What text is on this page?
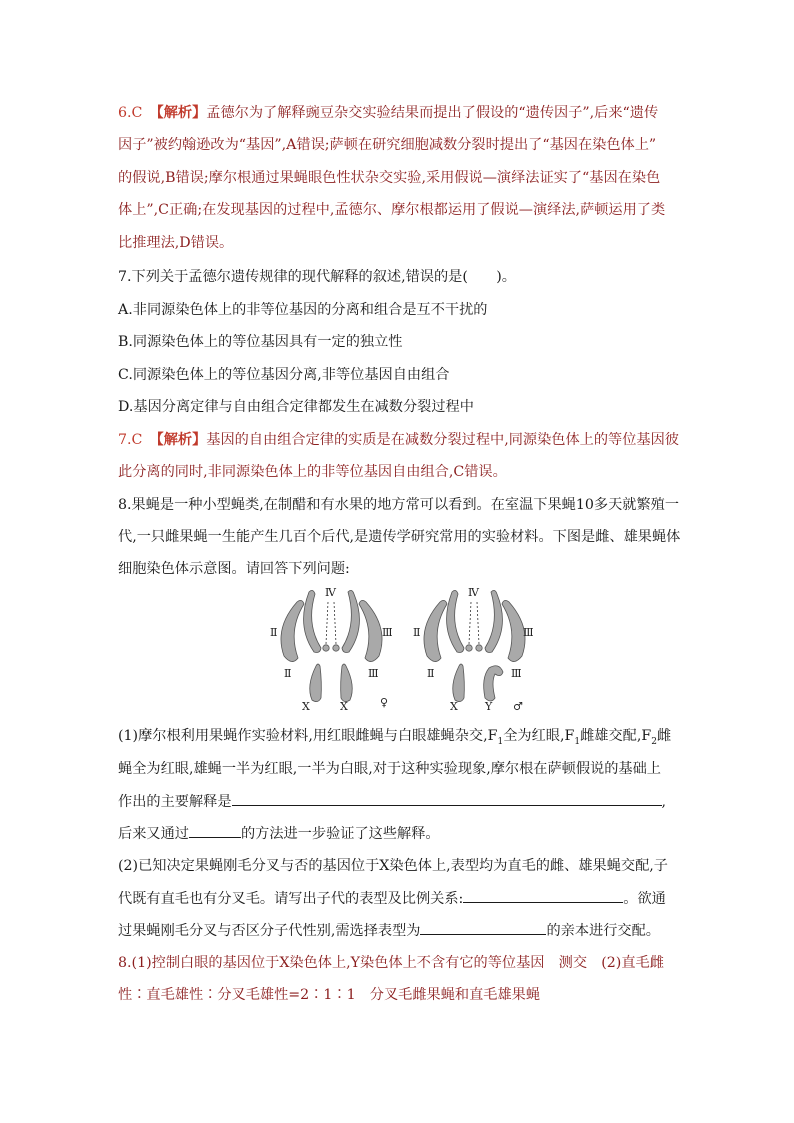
6.C　 【解析】孟德尔为了解释豌豆杂交实验结果而提出了假设的“遗传因子”,后来“遗传
因子”被约翰逊改为“基因”,A错误;萨顿在研究细胞减数分裂时提出了“基因在染色体上”
的假说,B错误;摩尔根通过果蝇眼色性状杂交实验,采用假说—演绎法证实了“基因在染色
体上”,C正确;在发现基因的过程中,孟德尔、摩尔根都运用了假说—演绎法,萨顿运用了类
比推理法,D错误。
7.下列关于孟德尔遗传规律的现代解释的叙述,错误的是(　　)。
A.非同源染色体上的非等位基因的分离和组合是互不干扰的
B.同源染色体上的等位基因具有一定的独立性
C.同源染色体上的等位基因分离,非等位基因自由组合
D.基因分离定律与自由组合定律都发生在减数分裂过程中
7.C　 【解析】基因的自由组合定律的实质是在减数分裂过程中,同源染色体上的等位基因彼
此分离的同时,非同源染色体上的非等位基因自由组合,C错误。
8.果蝇是一种小型蝇类,在制醋和有水果的地方常可以看到。在室温下果蝇10多天就繁殖一
代,一只雌果蝇一生能产生几百个后代,是遗传学研究常用的实验材料。下图是雌、雄果蝇体
细胞染色体示意图。请回答下列问题:
Ⅳ
Ⅱ	Ⅲ
Ⅱ	Ⅲ
X	X	♀
Ⅳ
Ⅱ	Ⅲ
Ⅱ	Ⅲ
X Y ♂
(1)摩尔根利用果蝇作实验材料,用红眼雌蝇与白眼雄蝇杂交$,F_1$全为红眼$,F_1$雌雄交配$,F_2$雌
蝇全为红眼,雄蝇一半为红眼,一半为白眼,对于这种实验现象,摩尔根在萨顿假说的基础上
作出的主要解释是	,
后来又通过	的方法进一步验证了这些解释。
(2)已知决定果蝇刚毛分叉与否的基因位于X染色体上,表型均为直毛的雌、雄果蝇交配,子
代既有直毛也有分叉毛。请写出子代的表型及比例关系:	。欲通
过果蝇刚毛分叉与否区分子代性别,需选择表型为	的亲本进行交配。
8.(1)控制白眼的基因位于X染色体上,Y染色体上不含有它的等位基因　测交　(2)直毛雌
性∶直毛雄性∶分叉毛雄性=2∶1∶1　分叉毛雌果蝇和直毛雄果蝇
